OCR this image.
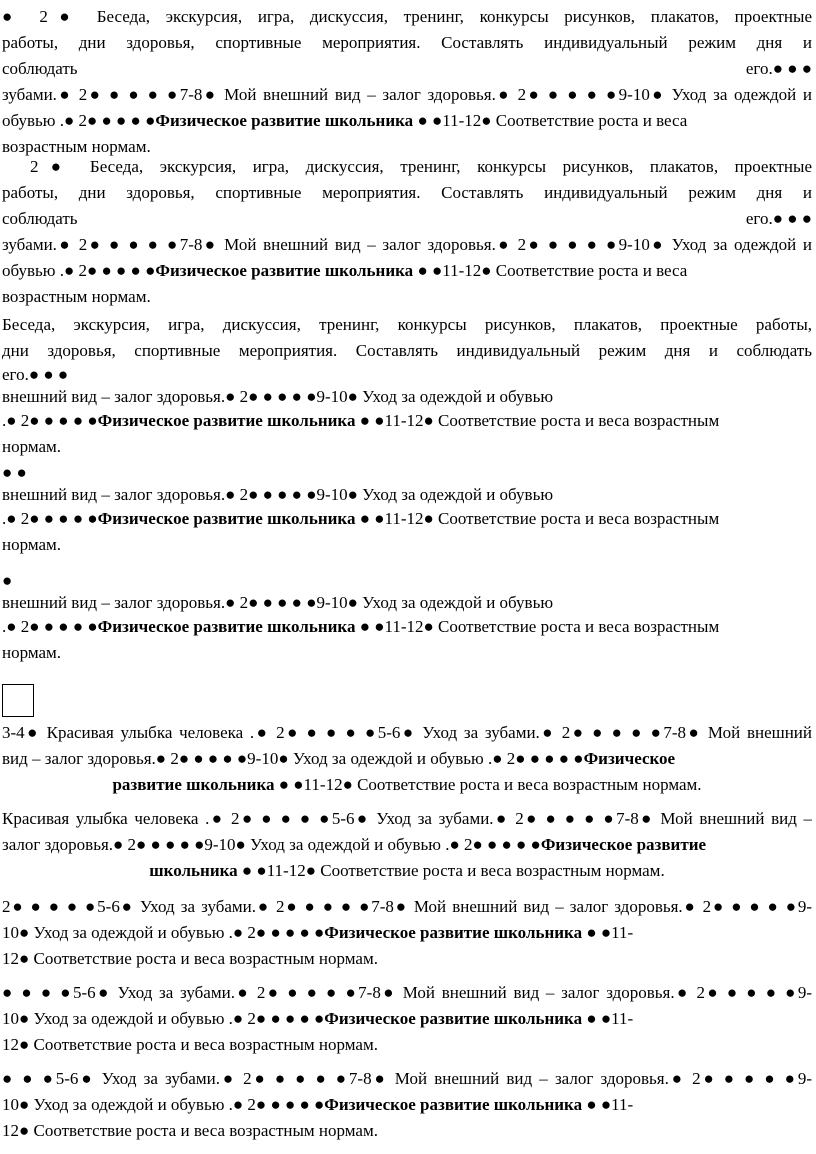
● 2● Беседа, экскурсия, игра, дискуссия, тренинг, конкурсы рисунков, плакатов, проектные
работы, дни здоровья, спортивные мероприятия. Составлять индивидуальный режим дня и
соблюдать	его.● ● ●
зубами.● 2● ● ● ● ●7-8● Мой внешний вид – залог здоровья.● 2● ● ● ● ●9-10● Уход за одеждой и
обувью .● 2● ● ● ● ●Физическое развитие школьника ● ●11-12● Соответствие роста и веса
возрастным нормам.
2● Беседа, экскурсия, игра, дискуссия, тренинг, конкурсы рисунков, плакатов, проектные
работы, дни здоровья, спортивные мероприятия. Составлять индивидуальный режим дня и
соблюдать	его.● ● ●
зубами.● 2● ● ● ● ●7-8● Мой внешний вид – залог здоровья.● 2● ● ● ● ●9-10● Уход за одеждой и
обувью .● 2● ● ● ● ●Физическое развитие школьника ● ●11-12● Соответствие роста и веса
возрастным нормам.
Беседа, экскурсия, игра, дискуссия, тренинг, конкурсы рисунков, плакатов, проектные работы,
дни здоровья, спортивные мероприятия. Составлять индивидуальный режим дня и соблюдать
его.● ● ●
внешний вид – залог здоровья.● 2● ● ● ● ●9-10● Уход за одеждой и обувью
.● 2● ● ● ● ●Физическое развитие школьника ● ●11-12● Соответствие роста и веса возрастным
нормам.
● ●
внешний вид – залог здоровья.● 2● ● ● ● ●9-10● Уход за одеждой и обувью
.● 2● ● ● ● ●Физическое развитие школьника ● ●11-12● Соответствие роста и веса возрастным
нормам.
●
внешний вид – залог здоровья.● 2● ● ● ● ●9-10● Уход за одеждой и обувью
.● 2● ● ● ● ●Физическое развитие школьника ● ●11-12● Соответствие роста и веса возрастным
нормам.
3-4● Красивая улыбка человека .● 2● ● ● ● ●5-6● Уход за зубами.● 2● ● ● ● ●7-8● Мой внешний
вид – залог здоровья.● 2● ● ● ● ●9-10● Уход за одеждой и обувью .● 2● ● ● ● ●Физическое
развитие школьника ● ●11-12● Соответствие роста и веса возрастным нормам.
Красивая улыбка человека .● 2● ● ● ● ●5-6● Уход за зубами.● 2● ● ● ● ●7-8● Мой внешний вид –
залог здоровья.● 2● ● ● ● ●9-10● Уход за одеждой и обувью .● 2● ● ● ● ●Физическое развитие
школьника ● ●11-12● Соответствие роста и веса возрастным нормам.
2● ● ● ● ●5-6● Уход за зубами.● 2● ● ● ● ●7-8● Мой внешний вид – залог здоровья.● 2● ● ● ● ●9-
10● Уход за одеждой и обувью .● 2● ● ● ● ●Физическое развитие школьника ● ●11-
12● Соответствие роста и веса возрастным нормам.
● ● ● ●5-6● Уход за зубами.● 2● ● ● ● ●7-8● Мой внешний вид – залог здоровья.● 2● ● ● ● ●9-
10● Уход за одеждой и обувью .● 2● ● ● ● ●Физическое развитие школьника ● ●11-
12● Соответствие роста и веса возрастным нормам.
● ● ●5-6● Уход за зубами.● 2● ● ● ● ●7-8● Мой внешний вид – залог здоровья.● 2● ● ● ● ●9-
10● Уход за одеждой и обувью .● 2● ● ● ● ●Физическое развитие школьника ● ●11-
12● Соответствие роста и веса возрастным нормам.
